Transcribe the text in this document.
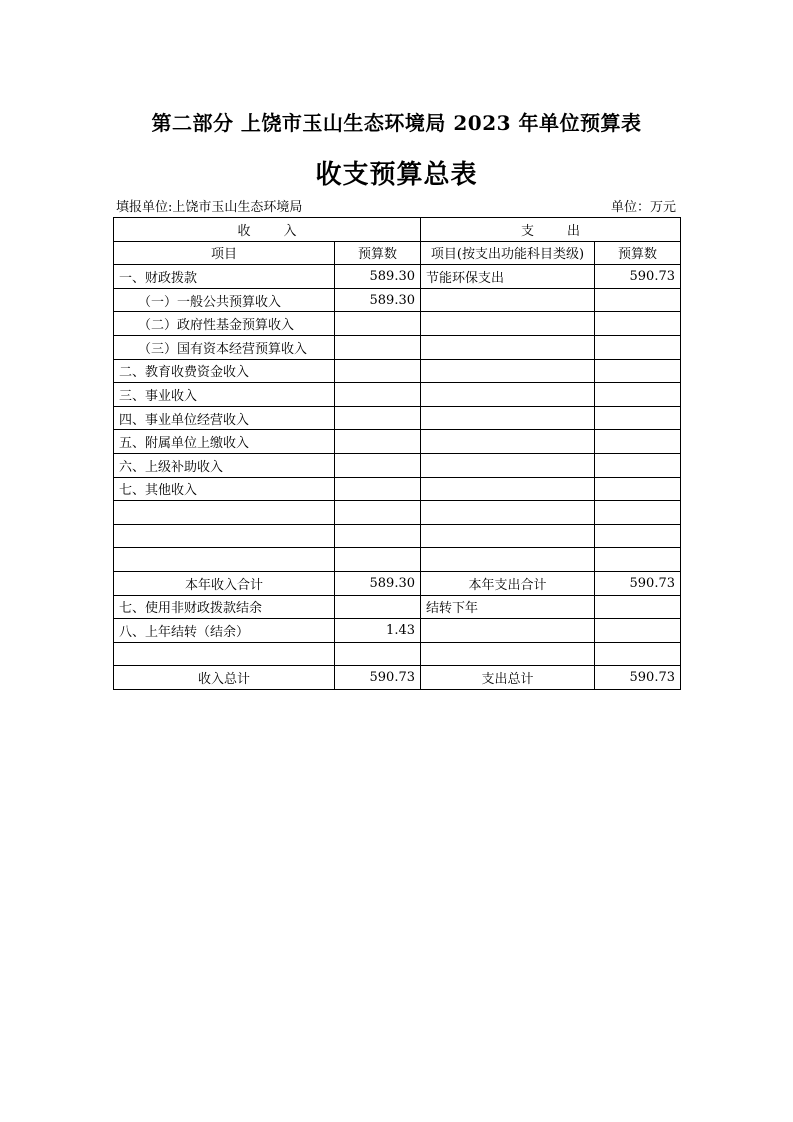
第二部分 上饶市玉山生态环境局 2023 年单位预算表
收支预算总表
填报单位:上饶市玉山生态环境局	单位：万元
收        入		支        出	
项目	预算数	项目(按支出功能科目类级)	预算数
一、财政拨款	589.30	节能环保支出	590.73
（一）一般公共预算收入	589.30		
（二）政府性基金预算收入			
（三）国有资本经营预算收入			
二、教育收费资金收入			
三、事业收入			
四、事业单位经营收入			
五、附属单位上缴收入			
六、上级补助收入			
七、其他收入			

本年收入合计	589.30	本年支出合计	590.73
七、使用非财政拨款结余		结转下年	
八、上年结转（结余）	1.43		

收入总计	590.73	支出总计	590.73
